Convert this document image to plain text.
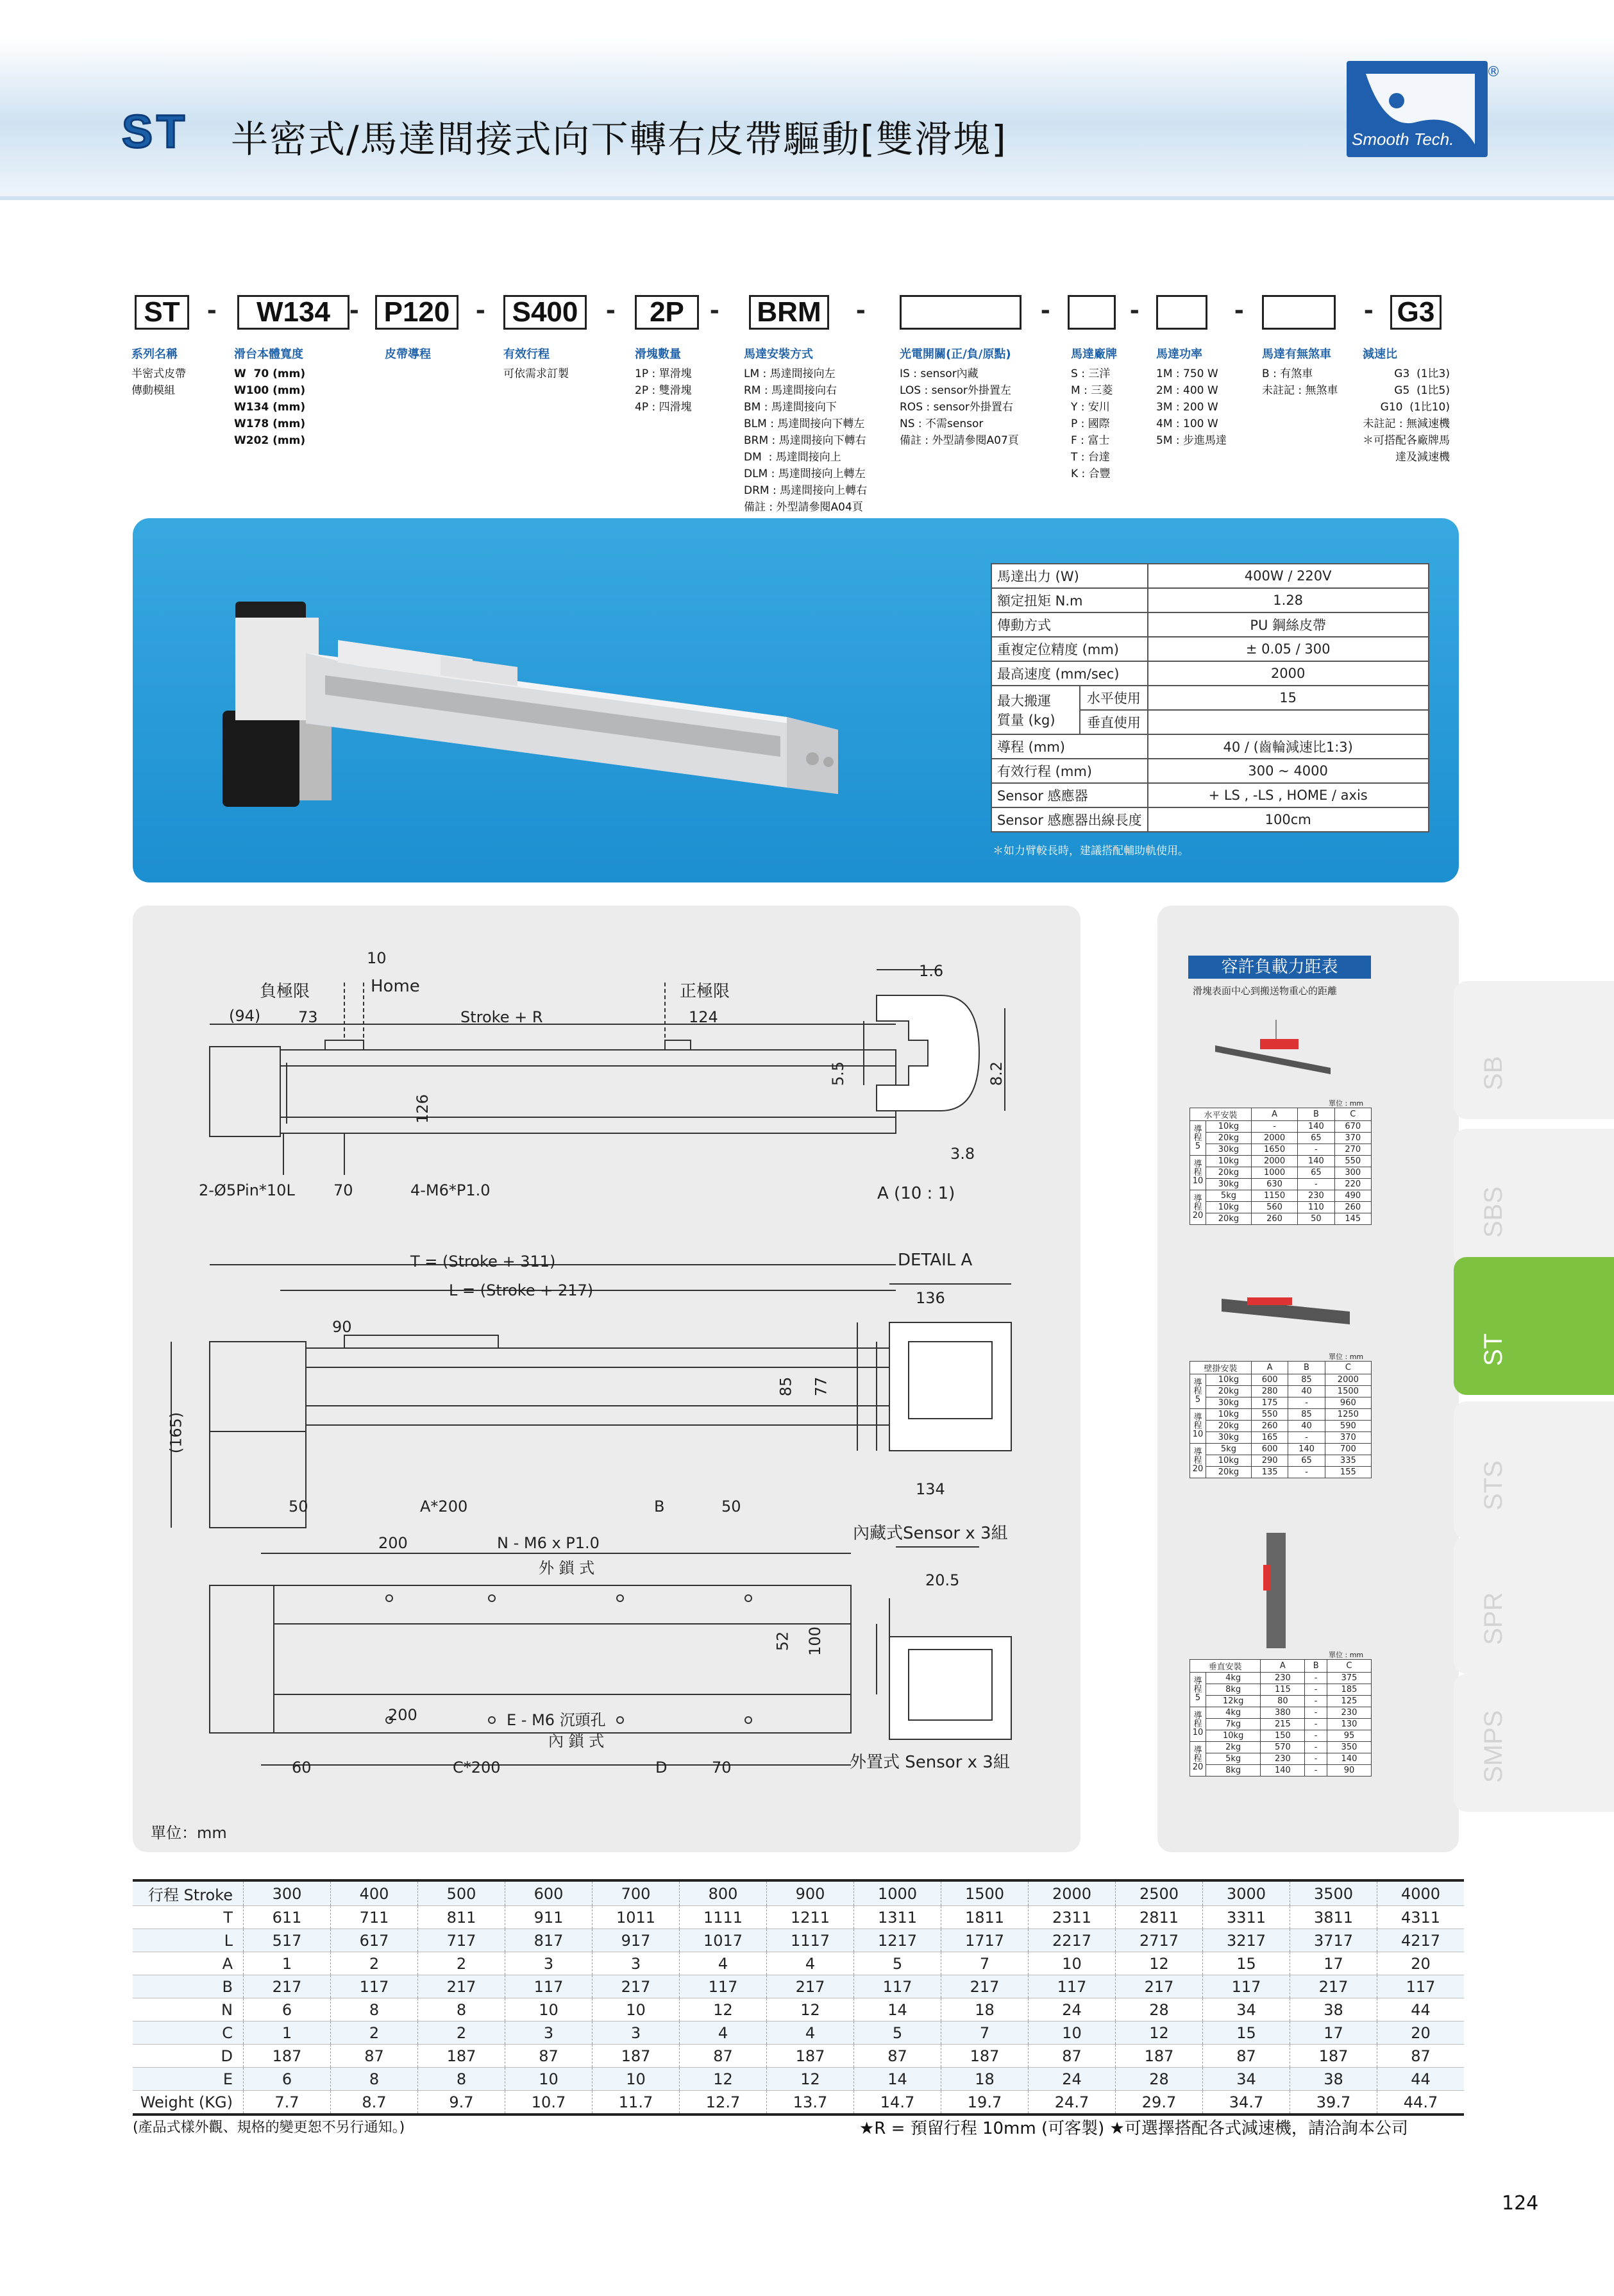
ST 半密式/馬達間接式向下轉右皮帶驅動[雙滑塊]	Smooth Tech.
®
ST	W134	P120	S400	2P	BRM	G3
-	-	-	-	-	-	-	-	-	-
系列名稱
半密式皮帶
傳動模組
滑台本體寬度
W  70 (mm)
W100 (mm)
W134 (mm)
W178 (mm)
W202 (mm)
皮帶導程	有效行程
可依需求訂製
滑塊數量
1P : 單滑塊
2P : 雙滑塊
4P : 四滑塊
馬達安裝方式
LM : 馬達間接向左
RM : 馬達間接向右
BM : 馬達間接向下
BLM : 馬達間接向下轉左
BRM : 馬達間接向下轉右
DM  : 馬達間接向上
DLM : 馬達間接向上轉左
DRM : 馬達間接向上轉右
備註 : 外型請參閱A04頁
光電開關(正/負/原點)
IS : sensor內藏
LOS : sensor外掛置左
ROS : sensor外掛置右
NS : 不需sensor
備註 : 外型請參閱A07頁
馬達廠牌
S : 三洋
M : 三菱
Y : 安川
P : 國際
F : 富士
T : 台達
K : 合豐
馬達功率
1M : 750 W
2M : 400 W
3M : 200 W
4M : 100 W
5M : 步進馬達
馬達有無煞車
B : 有煞車
未註記 : 無煞車
減速比
G3  (1比3)
G5  (1比5)
G10  (1比10)
未註記 : 無減速機
＊可搭配各廠牌馬
達及減速機
馬達出力 (W)		400W / 220V
額定扭矩 N.m		1.28
傳動方式		PU 鋼絲皮帶
重複定位精度 (mm)		± 0.05 / 300
最高速度 (mm/sec)		2000
最大搬運
質量 (kg)	水平使用	15
	垂直使用	
導程 (mm)		40 / (齒輪減速比1:3)
有效行程 (mm)		300 ~ 4000
Sensor 感應器		+ LS , -LS , HOME / axis
Sensor 感應器出線長度		100cm
＊如力臂較長時，建議搭配輔助軌使用。
10
負極限	Home	正極限
(94) 73	Stroke + R	124
126
2-Ø5Pin*10L	70	4-M6*P1.0
1.6
5.5	8.2
3.8
A (10 : 1)
T = (Stroke + 311)
L = (Stroke + 217)
DETAIL A
136
90
85 77
(165)
134
內藏式Sensor x 3組
50	A*200	B	50
200	N - M6 x P1.0
外 鎖 式
20.5
52 100
200	E - M6 沉頭孔
內 鎖 式
外置式 Sensor x 3組
60	C*200	D	70
單位：mm
容許負載力距表
滑塊表面中心到搬送物重心的距離
單位 : mm
水平安裝		A	B	C
導
程
5	10kg	-	140	670
	20kg	2000	65	370
	30kg	1650	-	270
導
程
10	10kg	2000	140	550
	20kg	1000	65	300
	30kg	630	-	220
導
程
20	5kg	1150	230	490
	10kg	560	110	260
	20kg	260	50	145
單位 : mm
壁掛安裝		A	B	C
導
程
5	10kg	600	85	2000
	20kg	280	40	1500
	30kg	175	-	960
導
程
10	10kg	550	85	1250
	20kg	260	40	590
	30kg	165	-	370
導
程
20	5kg	600	140	700
	10kg	290	65	335
	20kg	135	-	155
單位 : mm
垂直安裝		A	B	C
導
程
5	4kg	230	-	375
	8kg	115	-	185
	12kg	80	-	125
導
程
10	4kg	380	-	230
	7kg	215	-	130
	10kg	150	-	95
導
程
20	2kg	570	-	350
	5kg	230	-	140
	8kg	140	-	90
SB
SBS
ST
STS
SPR
SMPS
行程 Stroke	300	400	500	600	700	800	900	1000	1500	2000	2500	3000	3500	4000
T	611	711	811	911	1011	1111	1211	1311	1811	2311	2811	3311	3811	4311
L	517	617	717	817	917	1017	1117	1217	1717	2217	2717	3217	3717	4217
A	1	2	2	3	3	4	4	5	7	10	12	15	17	20
B	217	117	217	117	217	117	217	117	217	117	217	117	217	117
N	6	8	8	10	10	12	12	14	18	24	28	34	38	44
C	1	2	2	3	3	4	4	5	7	10	12	15	17	20
D	187	87	187	87	187	87	187	87	187	87	187	87	187	87
E	6	8	8	10	10	12	12	14	18	24	28	34	38	44
Weight (KG)	7.7	8.7	9.7	10.7	11.7	12.7	13.7	14.7	19.7	24.7	29.7	34.7	39.7	44.7
(產品式樣外觀、規格的變更恕不另行通知。)	★R = 預留行程 10mm (可客製) ★可選擇搭配各式減速機，請洽詢本公司
124
